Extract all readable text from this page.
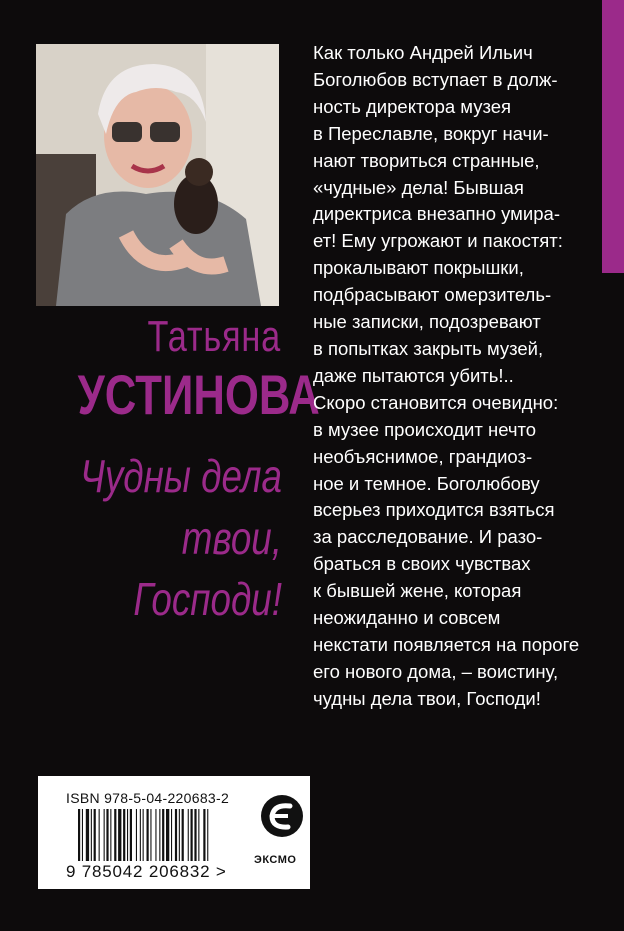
Татьяна

УСТИНОВА

Чудны дела

твои,

Господи!

Как только Андрей Ильич
Боголюбов вступает в долж-
ность директора музея
в Переславле, вокруг начи-
нают твориться странные,
«чудные» дела! Бывшая
директриса внезапно умира-
ет! Ему угрожают и пакостят:
прокалывают покрышки,
подбрасывают омерзитель-
ные записки, подозревают
в попытках закрыть музей,
даже пытаются убить!..
Скоро становится очевидно:
в музее происходит нечто
необъяснимое, грандиоз-
ное и темное. Боголюбову
всерьез приходится взяться
за расследование. И разо-
браться в своих чувствах
к бывшей жене, которая
неожиданно и совсем
некстати появляется на пороге
его нового дома, – воистину,
чудны дела твои, Господи!
ISBN 978-5-04-220683-2
9 785042 206832 >
ЭКСМО
